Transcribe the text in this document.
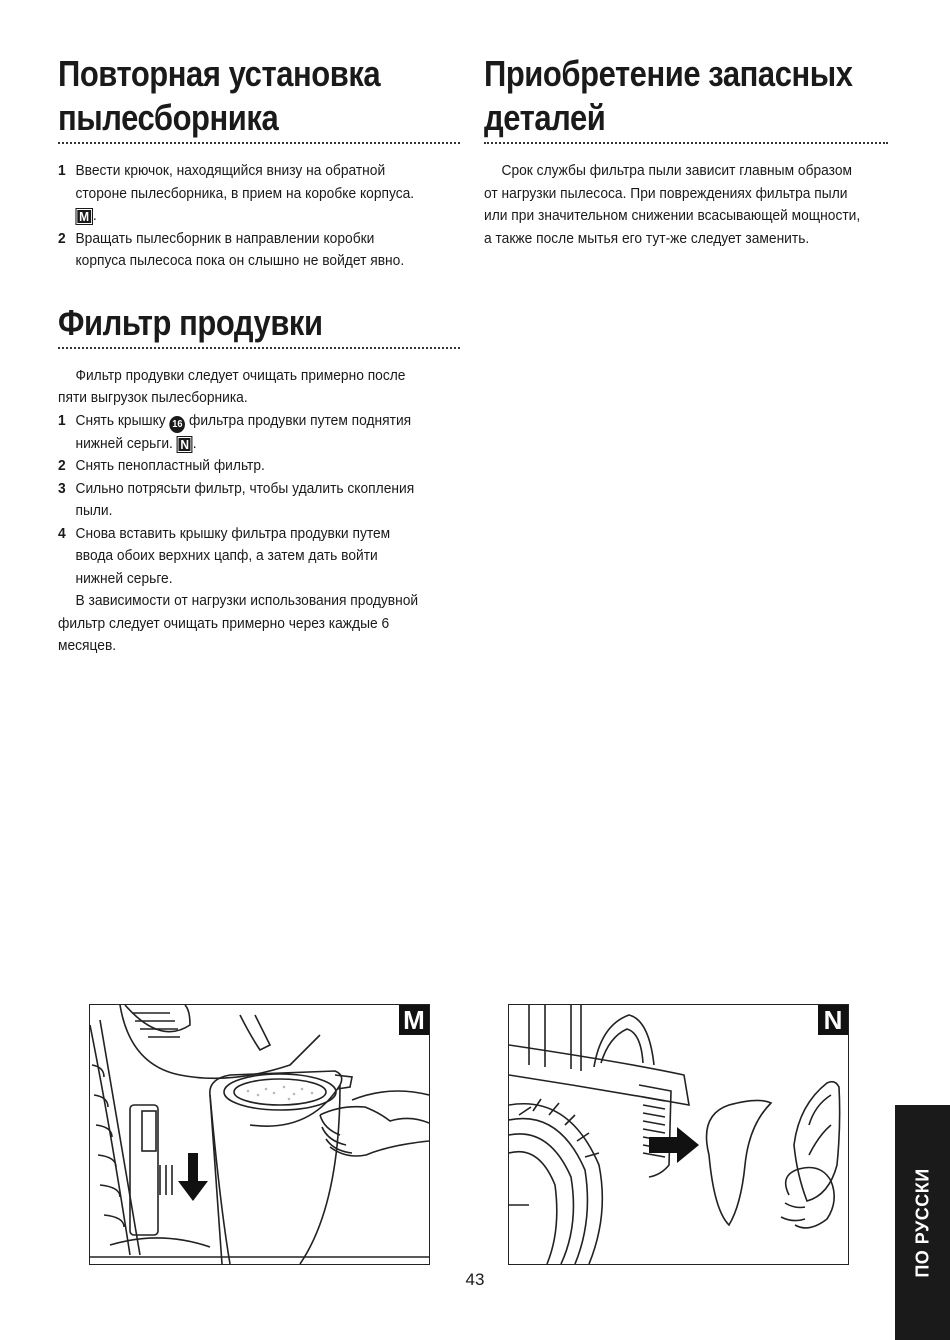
Повторная установка
пылесборника
1 Ввести крючок, находящийся внизу на обратной
стороне пылесборника, в прием на коробке корпуса.
M .
2 Вращать пылесборник в направлении коробки
корпуса пылесоса пока он слышно не войдет явно.
Фильтр продувки
Фильтр продувки следует очищать примерно после
пяти выгрузок пылесборника.
1 Снять крышку 16 фильтра продувки путем поднятия
нижней серьги. N .
2 Снять пенопластный фильтр.
3 Сильно потрясьти фильтр, чтобы удалить скопления
пыли.
4 Снова вставить крышку фильтра продувки путем
ввода обоих верхних цапф, а затем дать войти
нижней серьге.
В зависимости от нагрузки использования продувной
фильтр следует очищать примерно через каждые 6
месяцев.
Приобретение запасных
деталей
Срок службы фильтра пыли зависит главным образом
от нагрузки пылесоса. При повреждениях фильтра пыли
или при значительном снижении всасывающей мощности,
а также после мытья его тут-же следует заменить.
M	N
43
ПО РУССКИ
